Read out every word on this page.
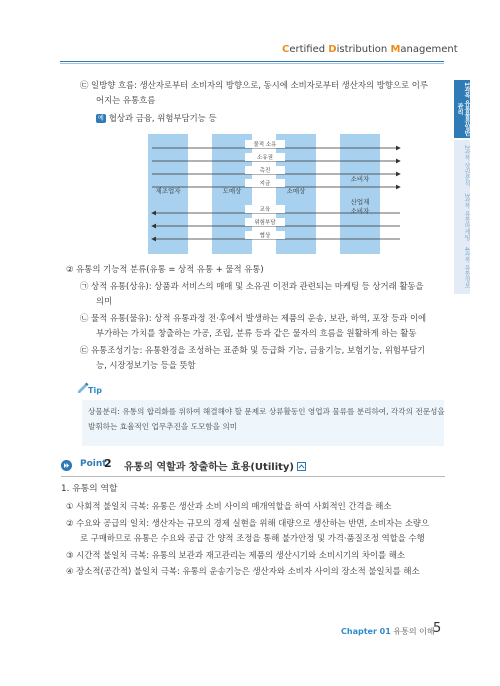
Certified Distribution Management
1과목 유통물류일반관리
2과목 상권분석
3과목 유통마케팅
4과목 유통정보
㉢ 일방향 흐름: 생산자로부터 소비자의 방향으로, 동시에 소비자로부터 생산자의 방향으로 이루
어지는 유통흐름
예 협상과 금융, 위험부담기능 등
제조업자	도매상	소매상
소비자
산업재
소비자
물적 소유
소유권
촉진
지금
교육
위험부담
협상
② 유통의 기능적 분류(유통 = 상적 유통 + 물적 유통)
㉠ 상적 유통(상유): 상품과 서비스의 매매 및 소유권 이전과 관련되는 마케팅 등 상거래 활동을
의미
㉡ 물적 유통(물유): 상적 유통과정 전·후에서 발생하는 제품의 운송, 보관, 하역, 포장 등과 이에
부가하는 가치를 창출하는 가공, 조립, 분류 등과 같은 물자의 흐름을 원활하게 하는 활동
㉢ 유통조성기능: 유통환경을 조성하는 표준화 및 등급화 기능, 금융기능, 보험기능, 위험부담기
능, 시장정보기능 등을 뜻함
Tip
상물분리: 유통의 합리화를 위하여 해결해야 할 문제로 상류활동인 영업과 물류를 분리하여, 각각의 전문성을
발휘하는 효율적인 업무추진을 도모함을 의미
Point
2 유통의 역할과 창출하는 효용(Utility)
1. 유통의 역할
① 사회적 불일치 극복: 유통은 생산과 소비 사이의 매개역할을 하여 사회적인 간격을 해소
② 수요와 공급의 일치: 생산자는 규모의 경제 실현을 위해 대량으로 생산하는 반면, 소비자는 소량으
로 구매하므로 유통은 수요와 공급 간 양적 조정을 통해 불가안정 및 가격·품질조정 역할을 수행
③ 시간적 불일치 극복: 유통의 보관과 재고관리는 제품의 생산시기와 소비시기의 차이를 해소
④ 장소적(공간적) 불일치 극복: 유통의 운송기능은 생산자와 소비자 사이의 장소적 불일치를 해소
Chapter 01 유통의 이해
5
